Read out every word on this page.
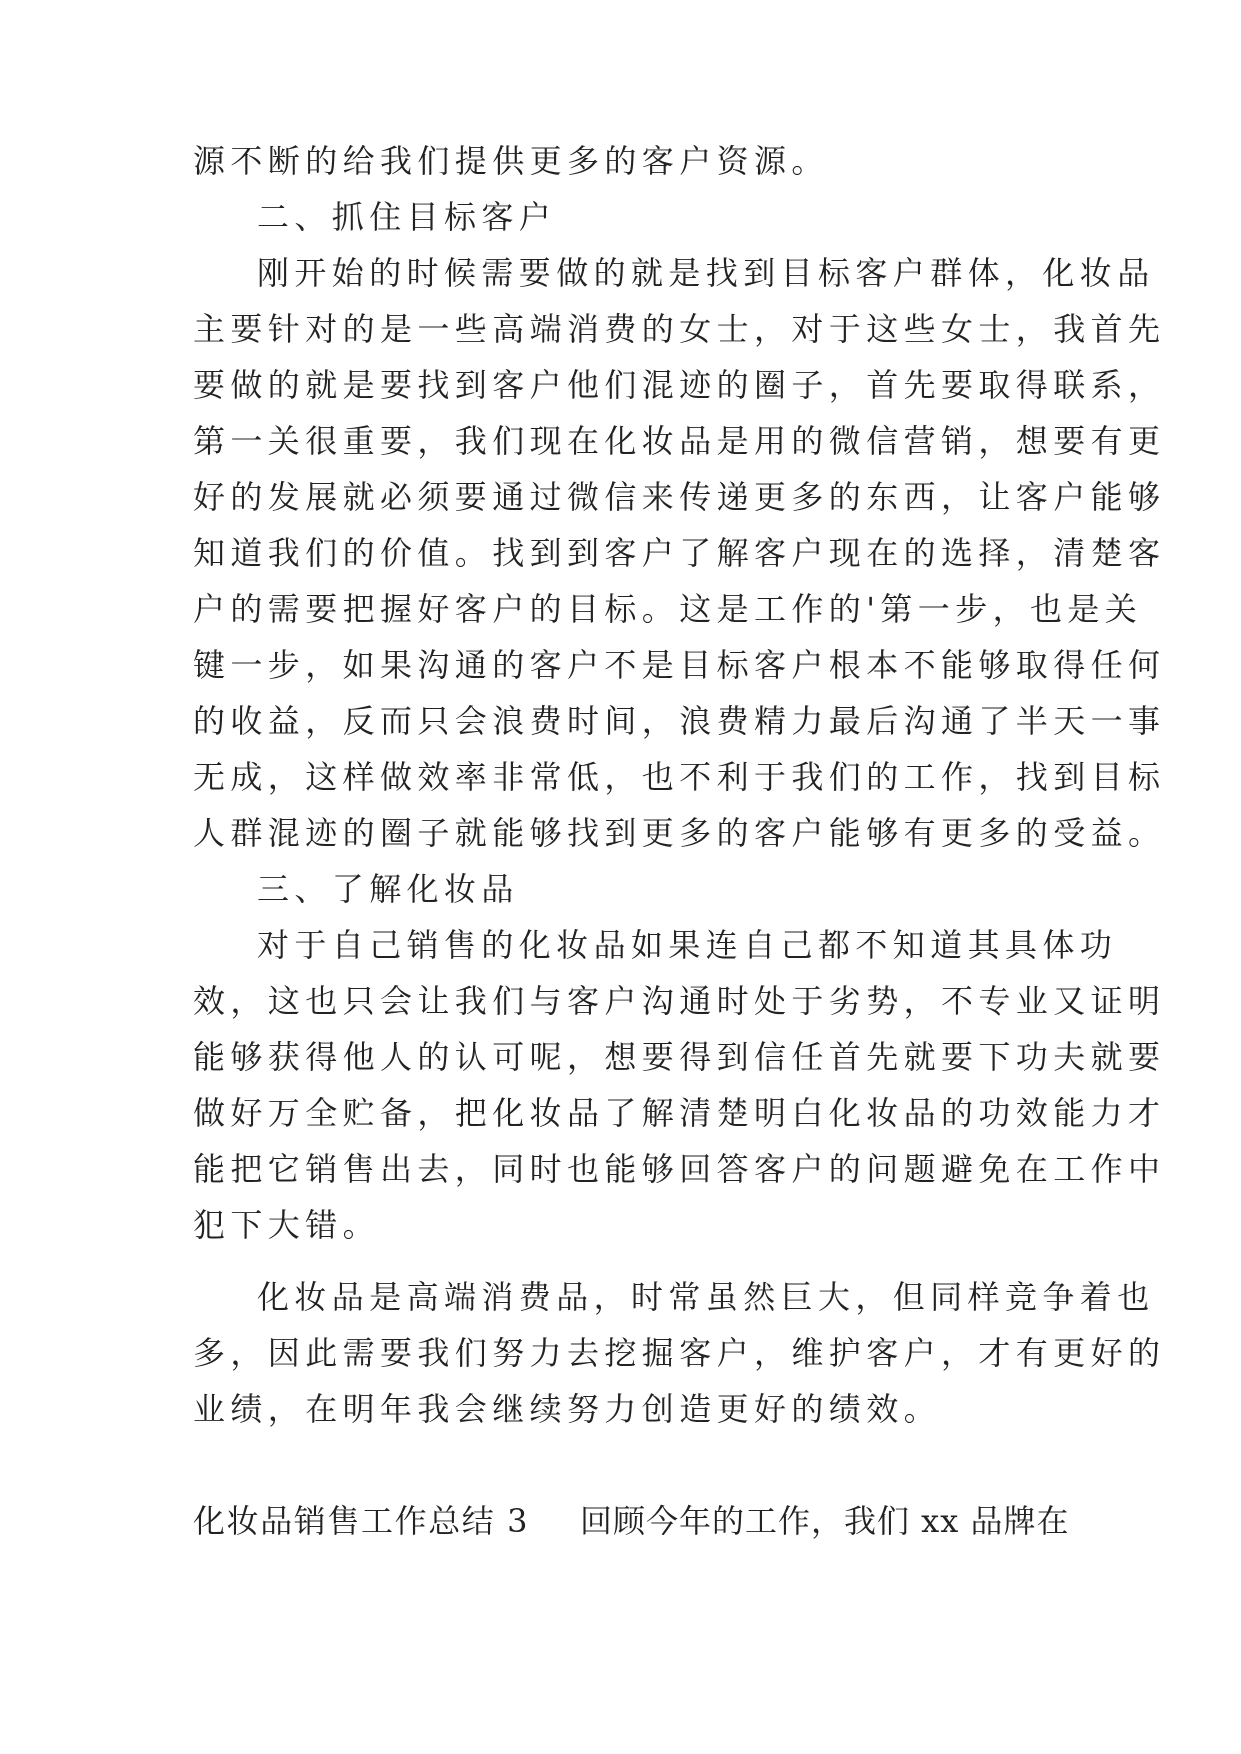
源不断的给我们提供更多的客户资源。
二、抓住目标客户
刚开始的时候需要做的就是找到目标客户群体，化妆品
主要针对的是一些高端消费的女士，对于这些女士，我首先
要做的就是要找到客户他们混迹的圈子，首先要取得联系，
第一关很重要，我们现在化妆品是用的微信营销，想要有更
好的发展就必须要通过微信来传递更多的东西，让客户能够
知道我们的价值。找到到客户了解客户现在的选择，清楚客
户的需要把握好客户的目标。这是工作的'第一步，也是关
键一步，如果沟通的客户不是目标客户根本不能够取得任何
的收益，反而只会浪费时间，浪费精力最后沟通了半天一事
无成，这样做效率非常低，也不利于我们的工作，找到目标
人群混迹的圈子就能够找到更多的客户能够有更多的受益。
三、了解化妆品
对于自己销售的化妆品如果连自己都不知道其具体功
效，这也只会让我们与客户沟通时处于劣势，不专业又证明
能够获得他人的认可呢，想要得到信任首先就要下功夫就要
做好万全贮备，把化妆品了解清楚明白化妆品的功效能力才
能把它销售出去，同时也能够回答客户的问题避免在工作中
犯下大错。
化妆品是高端消费品，时常虽然巨大，但同样竞争着也
多，因此需要我们努力去挖掘客户，维护客户，才有更好的
业绩，在明年我会继续努力创造更好的绩效。
化妆品销售工作总结 3	回顾今年的工作，我们 xx 品牌在
